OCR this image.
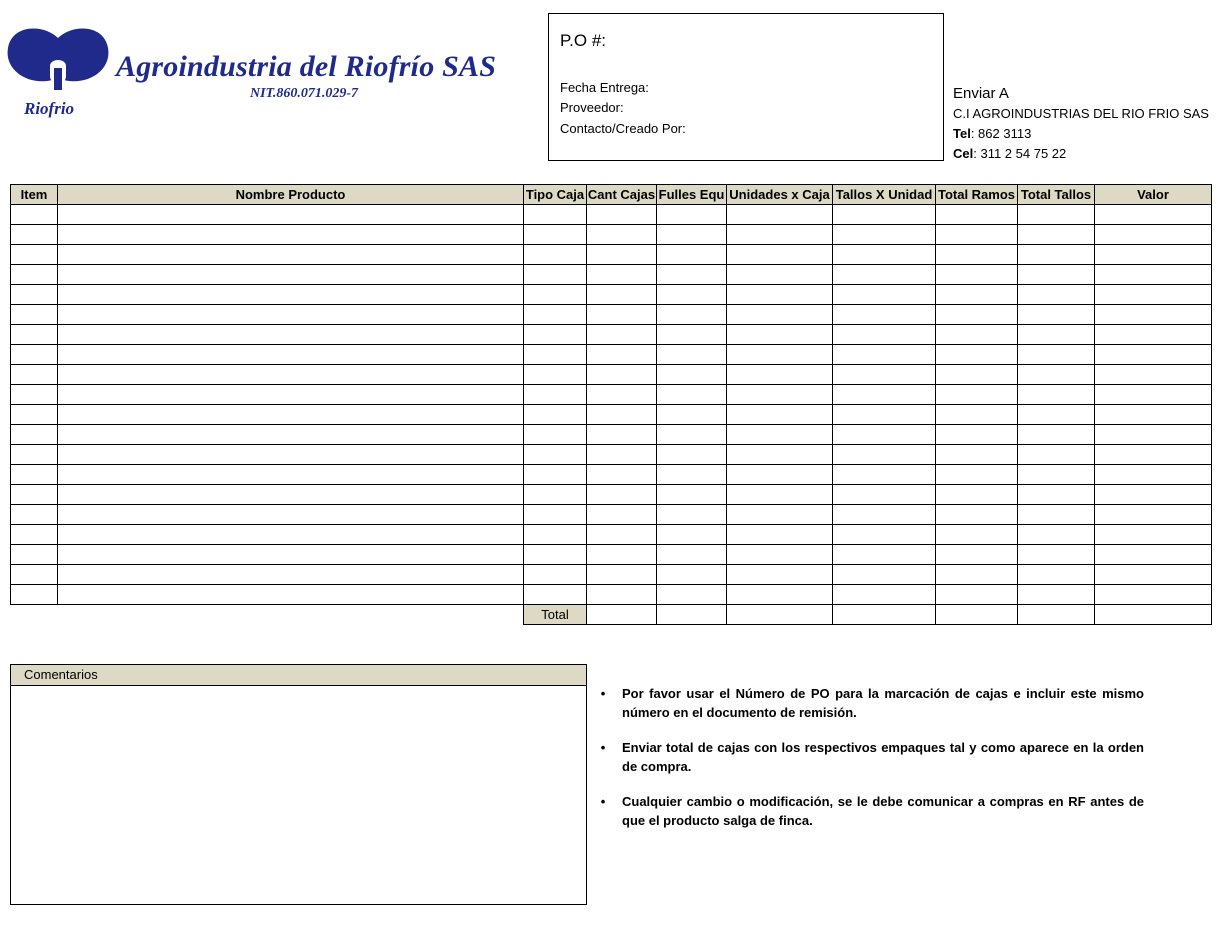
Riofrio
Agroindustria del Riofrío SAS
NIT.860.071.029-7
P.O #:
Fecha Entrega:
Proveedor:
Contacto/Creado Por:
Enviar A
C.I AGROINDUSTRIAS DEL RIO FRIO SAS
Tel: 862 3113
Cel: 311 2 54 75 22
Item	Nombre Producto	Tipo Caja	Cant Cajas	Fulles Equ	Unidades x Caja	Tallos X Unidad	Total Ramos	Total Tallos	Valor

		Total							
Comentarios
•	Por favor usar el Número de PO para la marcación de cajas e incluir este mismo número en el documento de remisión.
•	Enviar total de cajas con los respectivos empaques tal y como aparece en la orden de compra.
•	Cualquier cambio o modificación, se le debe comunicar a compras en RF antes de que el producto salga de finca.
